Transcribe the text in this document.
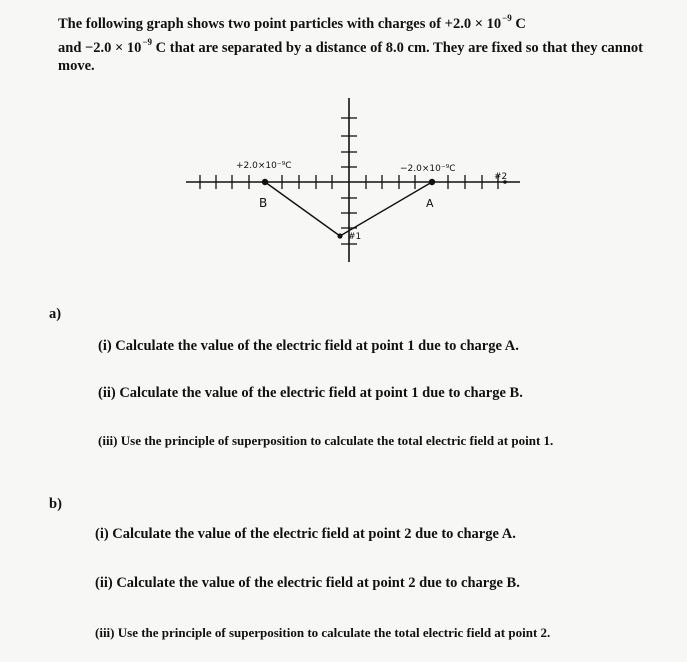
The following graph shows two point particles with charges of $+2.0 \times 10^{-9}$ C
and $-2.0 \times 10^{-9}$ C that are separated by a distance of 8.0 cm. They are fixed so that they cannot
move.
+2.0×10⁻⁹C	−2.0×10⁻⁹C
B	A
#1
#2
a)
(i) Calculate the value of the electric field at point 1 due to charge A.
(ii) Calculate the value of the electric field at point 1 due to charge B.
(iii) Use the principle of superposition to calculate the total electric field at point 1.
b)
(i) Calculate the value of the electric field at point 2 due to charge A.
(ii) Calculate the value of the electric field at point 2 due to charge B.
(iii) Use the principle of superposition to calculate the total electric field at point 2.
